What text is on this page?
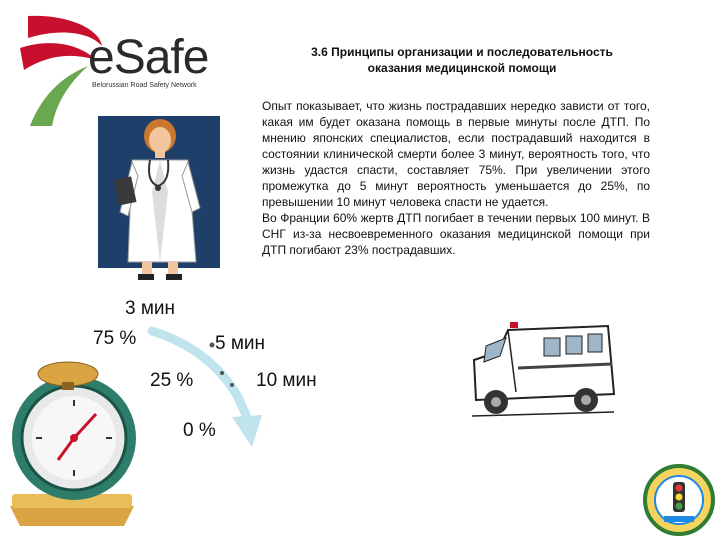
eSafe
Belorussian Road Safety Network
3.6 Принципы организации и последовательность
оказания медицинской помощи

Опыт показывает, что жизнь пострадавших нередко зависти от того, какая им будет оказана помощь в первые минуты после ДТП. По мнению японских специалистов, если пострадавший находится в состоянии клинической смерти более 3 минут, вероятность того, что жизнь удастся спасти, составляет 75%. При увеличении этого промежутка до 5 минут вероятность уменьшается до 25%, по превышении 10 минут человека спасти не удается.

Во Франции 60% жертв ДТП погибает в течении первых 100 минут. В СНГ из-за несвоевременного оказания медицинской помощи при ДТП погибают 23% пострадавших.

3 мин
75 %	5 мин
25 %	10 мин
0 %
